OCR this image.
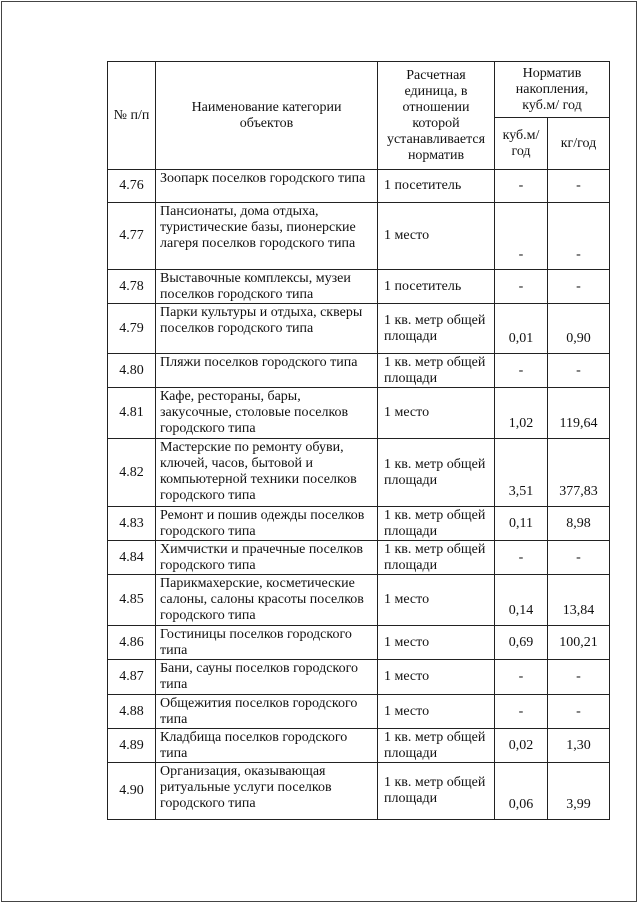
№ п/п	Наименование категории объектов	Расчетная единица, в отношении которой устанавливается норматив	Норматив накопления, куб.м/ год	
			куб.м/ год	кг/год
4.76	Зоопарк поселков городского типа	1 посетитель	-	-
4.77	Пансионаты, дома отдыха, туристические базы, пионерские лагеря поселков городского типа	1 место	-	-
4.78	Выставочные комплексы, музеи поселков городского типа	1 посетитель	-	-
4.79	Парки культуры и отдыха, скверы поселков городского типа	1 кв. метр общей площади	0,01	0,90
4.80	Пляжи поселков городского типа	1 кв. метр общей площади	-	-
4.81	Кафе, рестораны, бары, закусочные, столовые поселков городского типа	1 место	1,02	119,64
4.82	Мастерские по ремонту обуви, ключей, часов, бытовой и компьютерной техники поселков городского типа	1 кв. метр общей площади	3,51	377,83
4.83	Ремонт и пошив одежды поселков городского типа	1 кв. метр общей площади	0,11	8,98
4.84	Химчистки и прачечные поселков городского типа	1 кв. метр общей площади	-	-
4.85	Парикмахерские, косметические салоны, салоны красоты поселков городского типа	1 место	0,14	13,84
4.86	Гостиницы поселков городского типа	1 место	0,69	100,21
4.87	Бани, сауны поселков городского типа	1 место	-	-
4.88	Общежития поселков городского типа	1 место	-	-
4.89	Кладбища поселков городского типа	1 кв. метр общей площади	0,02	1,30
4.90	Организация, оказывающая ритуальные услуги поселков городского типа	1 кв. метр общей площади	0,06	3,99
